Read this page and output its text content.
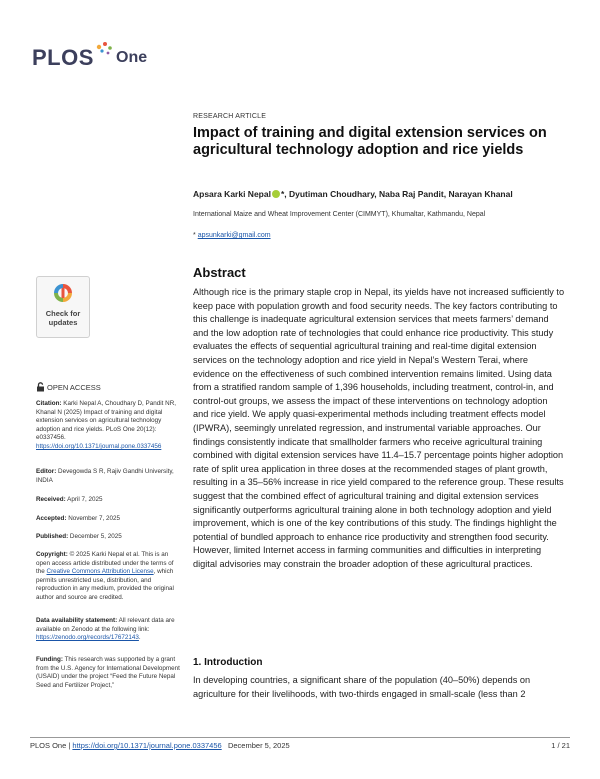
PLOS One
RESEARCH ARTICLE
Impact of training and digital extension services on agricultural technology adoption and rice yields
Apsara Karki Nepal *, Dyutiman Choudhary, Naba Raj Pandit, Narayan Khanal
International Maize and Wheat Improvement Center (CIMMYT), Khumaltar, Kathmandu, Nepal
* apsunkarki@gmail.com
Abstract

Although rice is the primary staple crop in Nepal, its yields have not increased sufficiently to keep pace with population growth and food security needs. The key factors contributing to this challenge is inadequate agricultural extension services that meets farmers’ demand and the low adoption rate of technologies that could enhance rice productivity. This study evaluates the effects of sequential agricultural training and real-time digital extension services on the technology adoption and rice yield in Nepal’s Western Terai, where evidence on the effectiveness of such combined intervention remains limited. Using data from a stratified random sample of 1,396 households, including treatment, control-in, and control-out groups, we assess the impact of these interventions on technology adoption and rice yield. We apply quasi-experimental methods including treatment effects model (IPWRA), seemingly unrelated regression, and instrumental variable approaches. Our findings consistently indicate that smallholder farmers who receive agricultural training combined with digital extension services have 11.4–15.7 percentage points higher adoption rate of split urea application in three doses at the recommended stages of plant growth, resulting in a 35–56% increase in rice yield compared to the reference group. These results suggest that the combined effect of agricultural training and digital extension services significantly outperforms agricultural training alone in both technology adoption and yield improvement, which is one of the key contributions of this study. The findings highlight the potential of bundled approach to enhance rice productivity and strengthen food security. However, limited Internet access in farming communities and difficulties in interpreting digital advisories may constrain the broader adoption of these agricultural practices.

1. Introduction

In developing countries, a significant share of the population (40–50%) depends on agriculture for their livelihoods, with two-thirds engaged in small-scale (less than 2

Check for
updates
OPEN ACCESS

Citation: Karki Nepal A, Choudhary D, Pandit NR, Khanal N (2025) Impact of training and digital extension services on agricultural technology adoption and rice yields. PLoS One 20(12): e0337456. https://doi.org/10.1371/journal.pone.0337456

Editor: Devegowda S R, Rajiv Gandhi University, INDIA

Received: April 7, 2025

Accepted: November 7, 2025

Published: December 5, 2025

Copyright: © 2025 Karki Nepal et al. This is an open access article distributed under the terms of the Creative Commons Attribution License, which permits unrestricted use, distribution, and reproduction in any medium, provided the original author and source are credited.

Data availability statement: All relevant data are available on Zenodo at the following link: https://zenodo.org/records/17672143.

Funding: This research was supported by a grant from the U.S. Agency for International Development (USAID) under the project “Feed the Future Nepal Seed and Fertilizer Project,”

PLOS One | https://doi.org/10.1371/journal.pone.0337456 December 5, 2025	1 / 21
